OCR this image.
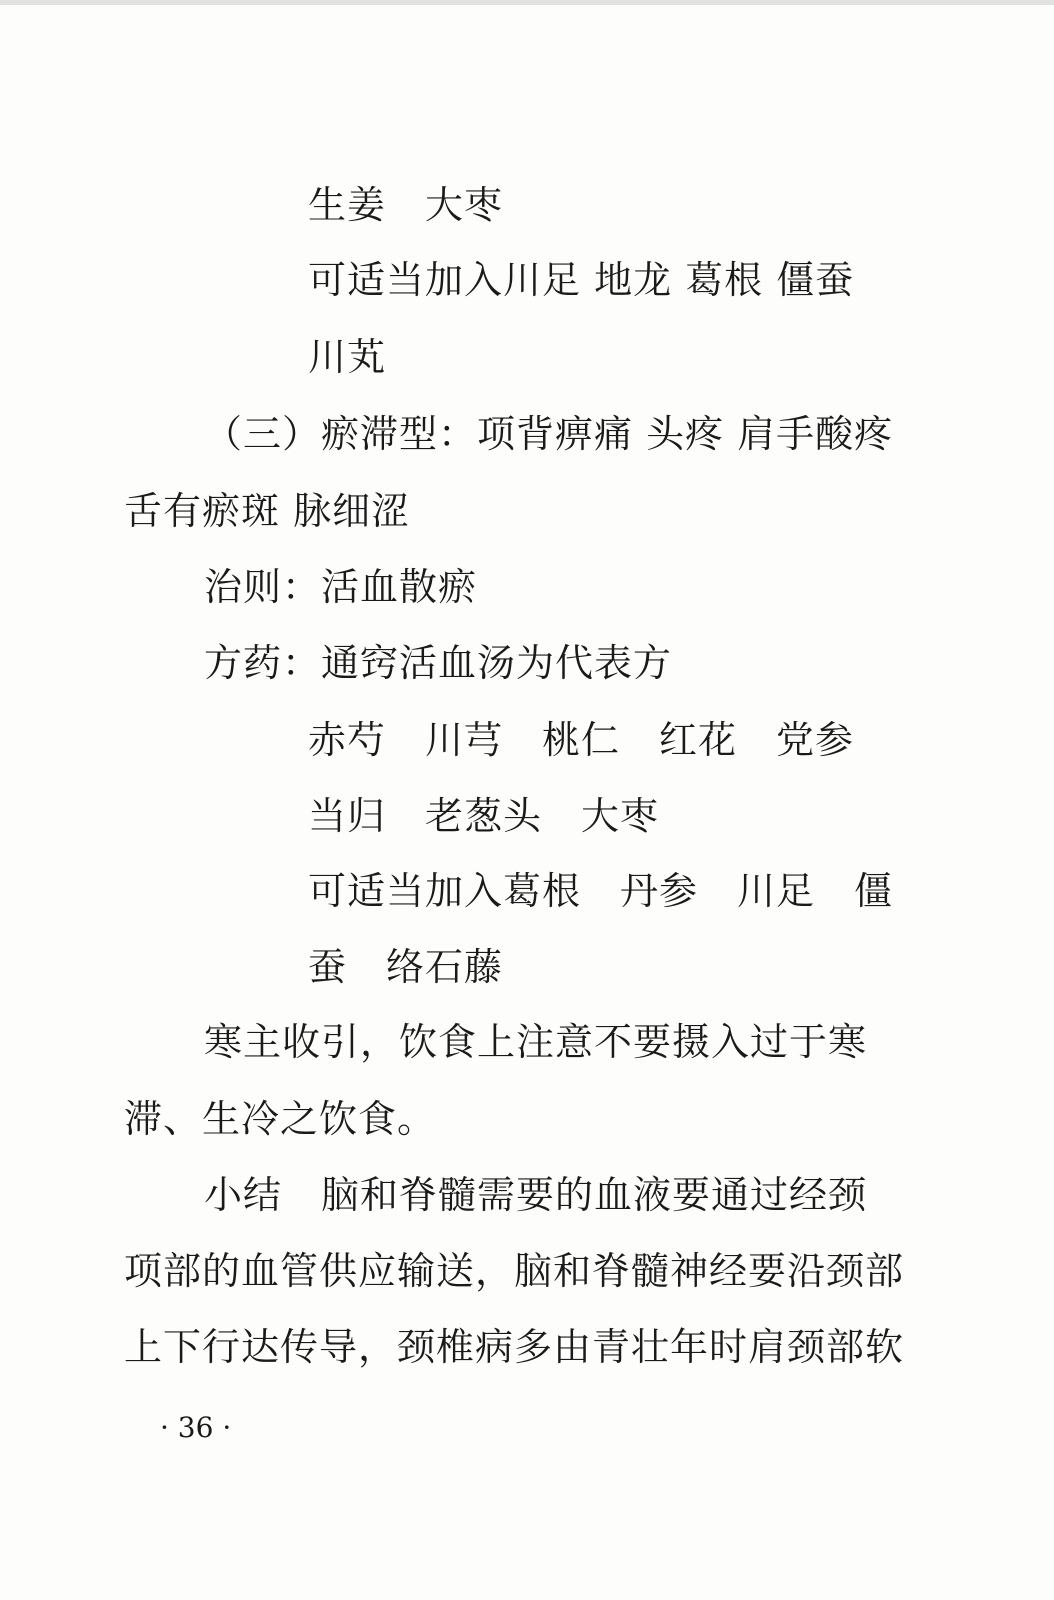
生姜　大枣
可适当加入川足 地龙 葛根 僵蚕
川芄
（三）瘀滞型：项背痹痛 头疼 肩手酸疼
舌有瘀斑 脉细涩
治则：活血散瘀
方药：通窍活血汤为代表方
赤芍　川芎　桃仁　红花　党参
当归　老葱头　大枣
可适当加入葛根　丹参　川足　僵
蚕　络石藤
寒主收引，饮食上注意不要摄入过于寒
滞、生冷之饮食。
小结　脑和脊髓需要的血液要通过经颈
项部的血管供应输送，脑和脊髓神经要沿颈部
上下行达传导，颈椎病多由青壮年时肩颈部软
· 36 ·
